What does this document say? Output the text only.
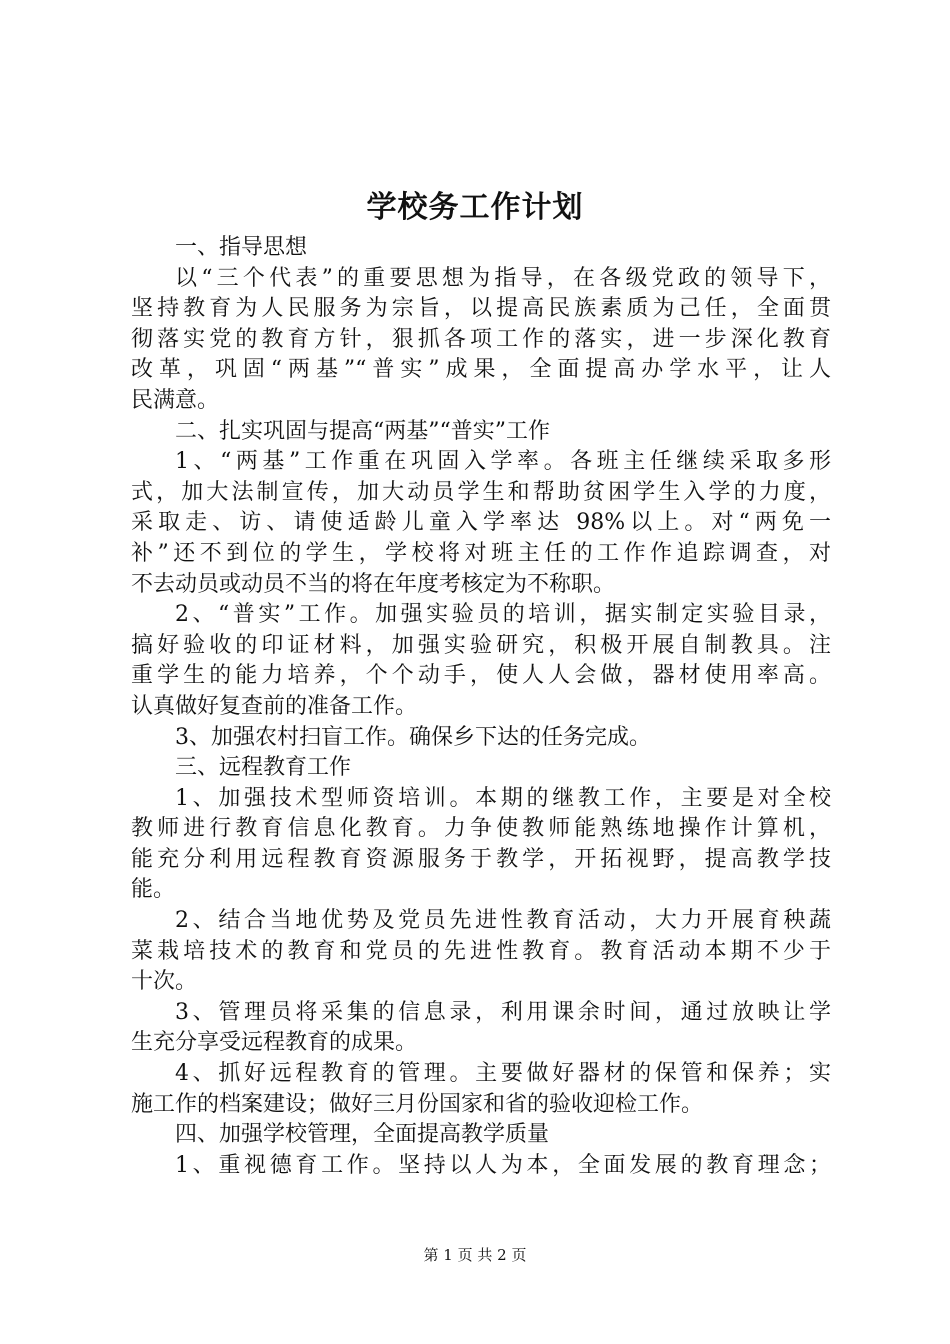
学校务工作计划
一、指导思想
以“三个代表”的重要思想为指导，在各级党政的领导下，
坚持教育为人民服务为宗旨，以提高民族素质为己任，全面贯
彻落实党的教育方针，狠抓各项工作的落实，进一步深化教育
改革，巩固“两基”“普实”成果，全面提高办学水平，让人
民满意。
二、扎实巩固与提高“两基”“普实”工作
1、“两基”工作重在巩固入学率。各班主任继续采取多形
式，加大法制宣传，加大动员学生和帮助贫困学生入学的力度，
采取走、访、请使适龄儿童入学率达 98%以上。对“两免一
补”还不到位的学生，学校将对班主任的工作作追踪调查，对
不去动员或动员不当的将在年度考核定为不称职。
2、“普实”工作。加强实验员的培训，据实制定实验目录，
搞好验收的印证材料，加强实验研究，积极开展自制教具。注
重学生的能力培养，个个动手，使人人会做，器材使用率高。
认真做好复查前的准备工作。
3、加强农村扫盲工作。确保乡下达的任务完成。
三、远程教育工作
1、加强技术型师资培训。本期的继教工作，主要是对全校
教师进行教育信息化教育。力争使教师能熟练地操作计算机，
能充分利用远程教育资源服务于教学，开拓视野，提高教学技
能。
2、结合当地优势及党员先进性教育活动，大力开展育秧蔬
菜栽培技术的教育和党员的先进性教育。教育活动本期不少于
十次。
3、管理员将采集的信息录，利用课余时间，通过放映让学
生充分享受远程教育的成果。
4、抓好远程教育的管理。主要做好器材的保管和保养；实
施工作的档案建设；做好三月份国家和省的验收迎检工作。
四、加强学校管理，全面提高教学质量
1、重视德育工作。坚持以人为本，全面发展的教育理念；
第 1 页 共 2 页
